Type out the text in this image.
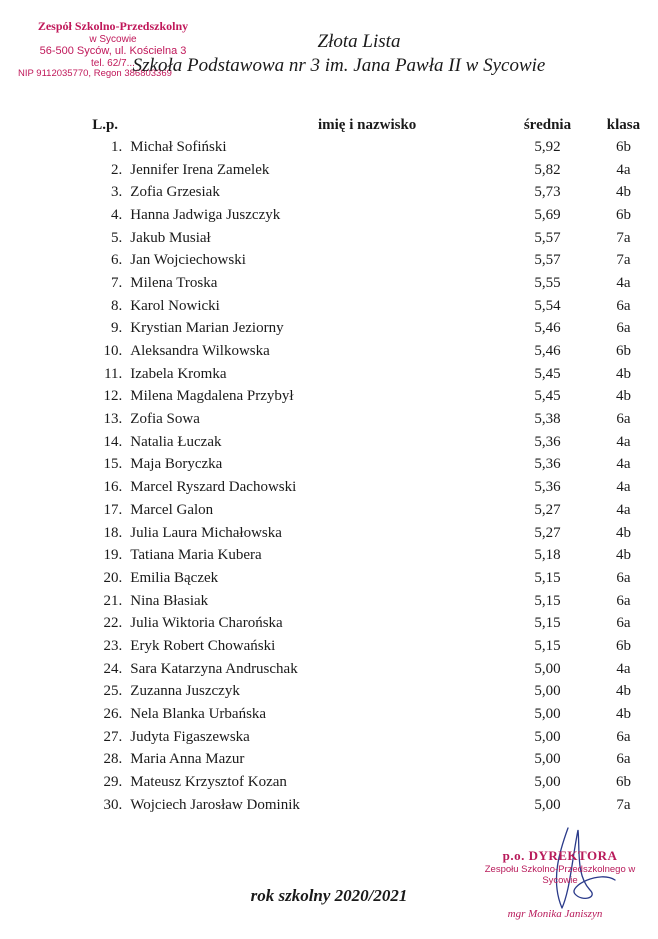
Zespół Szkolno-Przedszkolny
w Sycowie
56-500 Syców, ul. Kościelna 3
tel. 62/7...
NIP 9112035770, Regon 386803369
Złota Lista
Szkoła Podstawowa nr 3 im. Jana Pawła II w Sycowie
L.p.	imię i nazwisko	średnia	klasa
1.	Michał Sofiński	5,92	6b
2.	Jennifer Irena Zamelek	5,82	4a
3.	Zofia Grzesiak	5,73	4b
4.	Hanna Jadwiga Juszczyk	5,69	6b
5.	Jakub Musiał	5,57	7a
6.	Jan Wojciechowski	5,57	7a
7.	Milena Troska	5,55	4a
8.	Karol Nowicki	5,54	6a
9.	Krystian Marian Jeziorny	5,46	6a
10.	Aleksandra Wilkowska	5,46	6b
11.	Izabela Kromka	5,45	4b
12.	Milena Magdalena Przybył	5,45	4b
13.	Zofia Sowa	5,38	6a
14.	Natalia Łuczak	5,36	4a
15.	Maja Boryczka	5,36	4a
16.	Marcel Ryszard Dachowski	5,36	4a
17.	Marcel Galon	5,27	4a
18.	Julia Laura Michałowska	5,27	4b
19.	Tatiana Maria Kubera	5,18	4b
20.	Emilia Bączek	5,15	6a
21.	Nina Błasiak	5,15	6a
22.	Julia Wiktoria Charońska	5,15	6a
23.	Eryk Robert Chowański	5,15	6b
24.	Sara Katarzyna Andruschak	5,00	4a
25.	Zuzanna Juszczyk	5,00	4b
26.	Nela Blanka Urbańska	5,00	4b
27.	Judyta Figaszewska	5,00	6a
28.	Maria Anna Mazur	5,00	6a
29.	Mateusz Krzysztof Kozan	5,00	6b
30.	Wojciech Jarosław Dominik	5,00	7a
p.o. DYREKTORA
Zespołu Szkolno-Przedszkolnego w Sycowie
mgr Monika Janiszyn
rok szkolny 2020/2021
